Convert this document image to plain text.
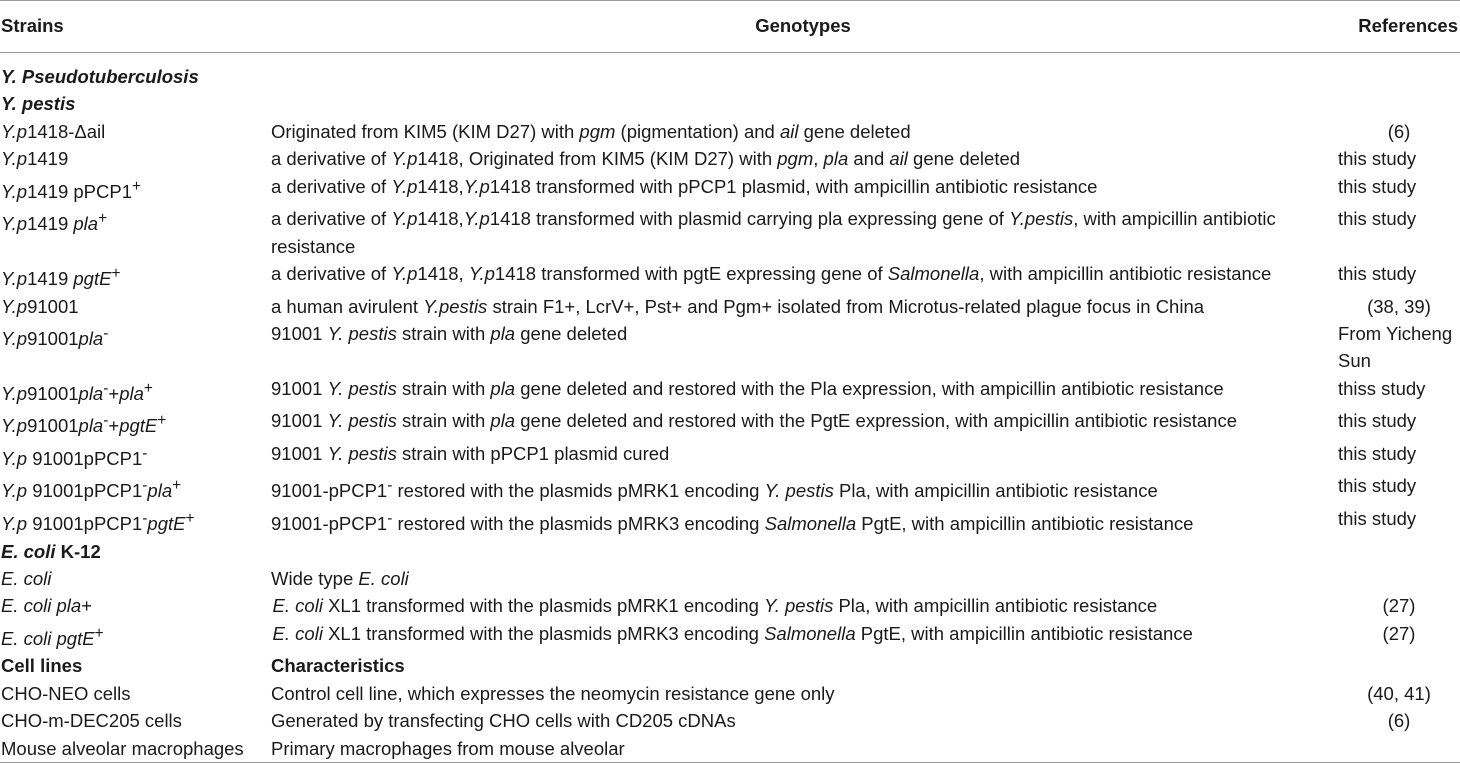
Strains	Genotypes	References
Y. Pseudotuberculosis		
Y. pestis		
Y.p1418-Δail	Originated from KIM5 (KIM D27) with pgm (pigmentation) and ail gene deleted	(6)
Y.p1419	a derivative of Y.p1418, Originated from KIM5 (KIM D27) with pgm, pla and ail gene deleted	this study
Y.p1419 pPCP1+	a derivative of Y.p1418,Y.p1418 transformed with pPCP1 plasmid, with ampicillin antibiotic resistance	this study
Y.p1419 pla+	a derivative of Y.p1418,Y.p1418 transformed with plasmid carrying pla expressing gene of Y.pestis, with ampicillin antibiotic resistance	this study
Y.p1419 pgtE+	a derivative of Y.p1418, Y.p1418 transformed with pgtE expressing gene of Salmonella, with ampicillin antibiotic resistance	this study
Y.p91001	a human avirulent Y.pestis strain F1+, LcrV+, Pst+ and Pgm+ isolated from Microtus-related plague focus in China	(38, 39)
Y.p91001pla-	91001 Y. pestis strain with pla gene deleted	From Yicheng Sun
Y.p91001pla-+pla+	91001 Y. pestis strain with pla gene deleted and restored with the Pla expression, with ampicillin antibiotic resistance	thiss study
Y.p91001pla-+pgtE+	91001 Y. pestis strain with pla gene deleted and restored with the PgtE expression, with ampicillin antibiotic resistance	this study
Y.p 91001pPCP1-	91001 Y. pestis strain with pPCP1 plasmid cured	this study
Y.p 91001pPCP1-pla+	91001-pPCP1- restored with the plasmids pMRK1 encoding Y. pestis Pla, with ampicillin antibiotic resistance	this study
Y.p 91001pPCP1-pgtE+	91001-pPCP1- restored with the plasmids pMRK3 encoding Salmonella PgtE, with ampicillin antibiotic resistance	this study
E. coli K-12		
E. coli	Wide type E. coli	
E. coli pla+	 E. coli XL1 transformed with the plasmids pMRK1 encoding Y. pestis Pla, with ampicillin antibiotic resistance	(27)
E. coli pgtE+	 E. coli XL1 transformed with the plasmids pMRK3 encoding Salmonella PgtE, with ampicillin antibiotic resistance	(27)
Cell lines	Characteristics	
CHO-NEO cells	Control cell line, which expresses the neomycin resistance gene only	(40, 41)
CHO-m-DEC205 cells	Generated by transfecting CHO cells with CD205 cDNAs	(6)
Mouse alveolar macrophages	Primary macrophages from mouse alveolar	
